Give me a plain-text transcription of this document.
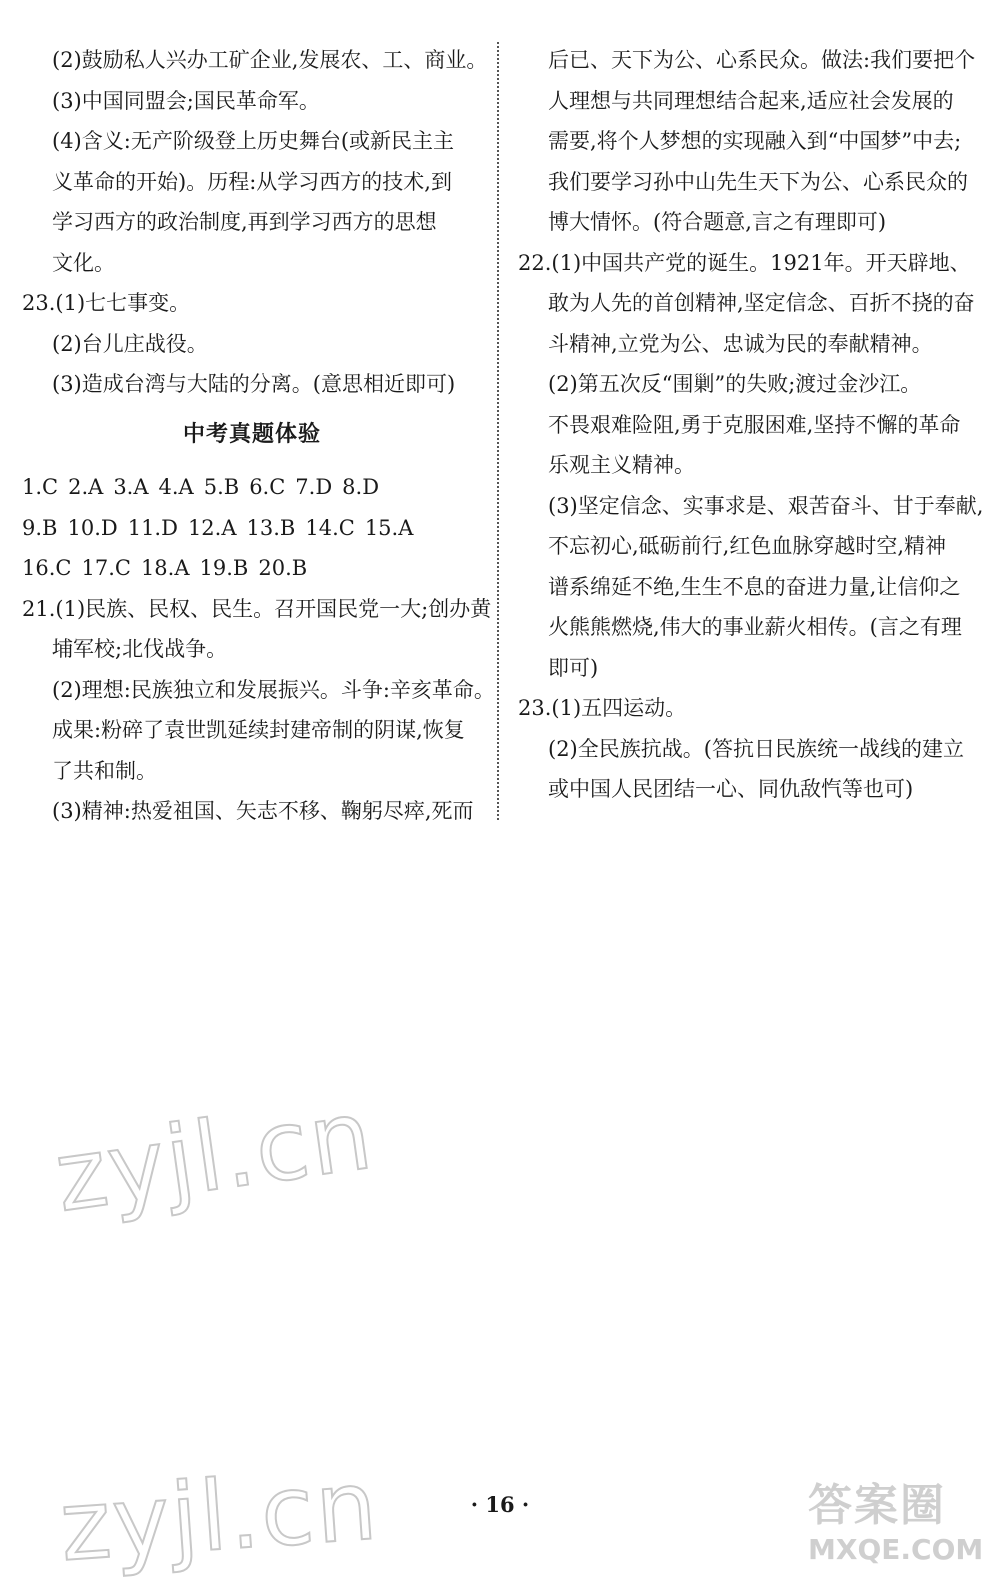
(2)鼓励私人兴办工矿企业,发展农、工、商业。
(3)中国同盟会;国民革命军。
(4)含义:无产阶级登上历史舞台(或新民主主
义革命的开始)。历程:从学习西方的技术,到
学习西方的政治制度,再到学习西方的思想
文化。
23.(1)七七事变。
(2)台儿庄战役。
(3)造成台湾与大陆的分离。(意思相近即可)
中考真题体验
1.C 2.A 3.A 4.A 5.B 6.C 7.D 8.D
9.B 10.D 11.D 12.A 13.B 14.C 15.A
16.C 17.C 18.A 19.B 20.B
21.(1)民族、民权、民生。召开国民党一大;创办黄
埔军校;北伐战争。
(2)理想:民族独立和发展振兴。斗争:辛亥革命。
成果:粉碎了袁世凯延续封建帝制的阴谋,恢复
了共和制。
(3)精神:热爱祖国、矢志不移、鞠躬尽瘁,死而
后已、天下为公、心系民众。做法:我们要把个
人理想与共同理想结合起来,适应社会发展的
需要,将个人梦想的实现融入到“中国梦”中去;
我们要学习孙中山先生天下为公、心系民众的
博大情怀。(符合题意,言之有理即可)
22.(1)中国共产党的诞生。1921年。开天辟地、
敢为人先的首创精神,坚定信念、百折不挠的奋
斗精神,立党为公、忠诚为民的奉献精神。
(2)第五次反“围剿”的失败;渡过金沙江。
不畏艰难险阻,勇于克服困难,坚持不懈的革命
乐观主义精神。
(3)坚定信念、实事求是、艰苦奋斗、甘于奉献,
不忘初心,砥砺前行,红色血脉穿越时空,精神
谱系绵延不绝,生生不息的奋进力量,让信仰之
火熊熊燃烧,伟大的事业薪火相传。(言之有理
即可)
23.(1)五四运动。
(2)全民族抗战。(答抗日民族统一战线的建立
或中国人民团结一心、同仇敌忾等也可)
zyjl.cn
zyjl.cn	· 16 ·	答案圈
MXQE.COM
